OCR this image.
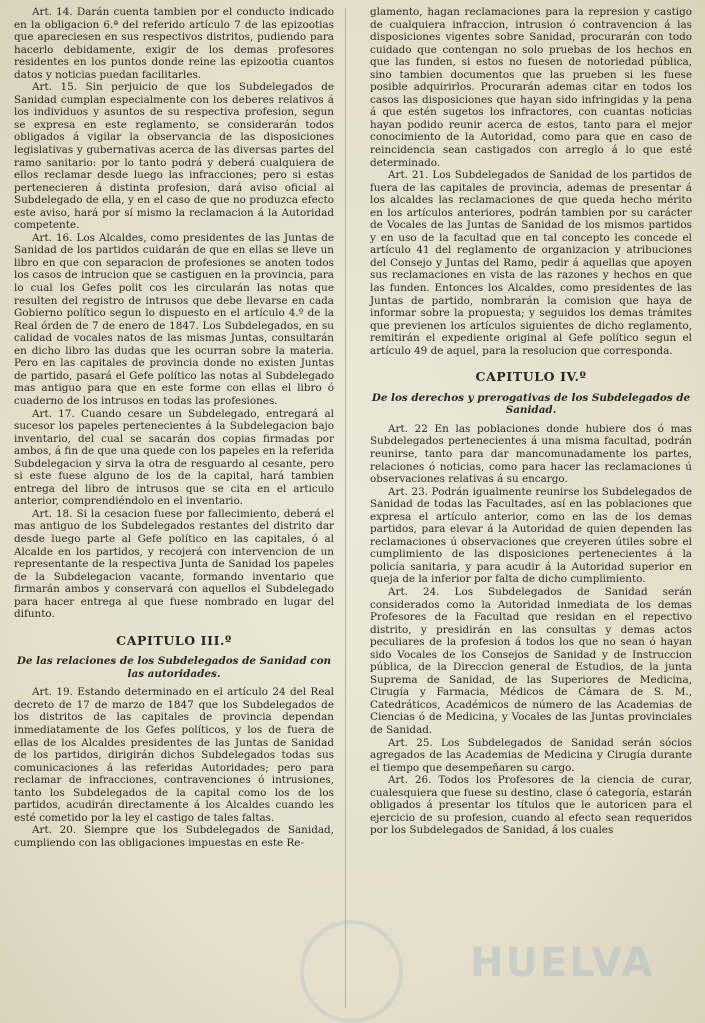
Art. 14. Darán cuenta tambien por el conducto indicado en la obligacion 6.ª del referido artículo 7 de las epizootias que apareciesen en sus respectivos distritos, pudiendo para hacerlo debidamente, exigir de los demas profesores residentes en los puntos donde reine las epizootia cuantos datos y noticias puedan facilitarles.

Art. 15. Sin perjuicio de que los Subdelegados de Sanidad cumplan especialmente con los deberes relativos á los individuos y asuntos de su respectiva profesion, segun se expresa en este reglamento, se considerarán todos obligados á vigilar la observancia de las disposiciones legislativas y gubernativas acerca de las diversas partes del ramo sanitario: por lo tanto podrá y deberá cualquiera de ellos reclamar desde luego las infracciones; pero si estas pertenecieren á distinta profesion, dará aviso oficial al Subdelegado de ella, y en el caso de que no produzca efecto este aviso, hará por sí mismo la reclamacion á la Autoridad competente.

Art. 16. Los Alcaldes, como presidentes de las Juntas de Sanidad de los partidos cuidarán de que en ellas se lleve un libro en que con separacion de profesiones se anoten todos los casos de intrucion que se castiguen en la provincia, para lo cual los Gefes polit cos les circularán las notas que resulten del registro de intrusos que debe llevarse en cada Gobierno político segun lo dispuesto en el artículo 4.º de la Real órden de 7 de enero de 1847. Los Subdelegados, en su calidad de vocales natos de las mismas Juntas, consultarán en dicho libro las dudas que les ocurran sobre la materia. Pero en las capitales de provincia donde no existen Juntas de partido, pasará el Gefe político las notas al Subdelegado mas antiguo para que en este forme con ellas el libro ó cuaderno de los intrusos en todas las profesiones.

Art. 17. Cuando cesare un Subdelegado, entregará al sucesor los papeles pertenecientes á la Subdelegacion bajo inventario, del cual se sacarán dos copias firmadas por ambos, á fin de que una quede con los papeles en la referida Subdelegacion y sirva la otra de resguardo al cesante, pero si este fuese alguno de los de la capital, hará tambien entrega del libro de intrusos que se cita en el articulo anterior, comprendiéndolo en el inventario.

Art. 18. Si la cesacion fuese por fallecimiento, deberá el mas antiguo de los Subdelegados restantes del distrito dar desde luego parte al Gefe político en las capitales, ó al Alcalde en los partidos, y recojerá con intervencion de un representante de la respectiva Junta de Sanidad los papeles de la Subdelegacion vacante, formando inventario que firmarán ambos y conservará con aquellos el Subdelegado para hacer entrega al que fuese nombrado en lugar del difunto.

CAPITULO III.º
De las relaciones de los Subdelegados de Sanidad con las autoridades.

Art. 19. Estando determinado en el artículo 24 del Real decreto de 17 de marzo de 1847 que los Subdelegados de los distritos de las capitales de provincia dependan inmediatamente de los Gefes políticos, y los de fuera de ellas de los Alcaldes presidentes de las Juntas de Sanidad de los partidos, dirigirán dichos Subdelegados todas sus comunicaciones á las referidas Autoridades; pero para reclamar de infracciones, contravenciones ó intrusiones, tanto los Subdelegados de la capital como los de los partidos, acudirán directamente á los Alcaldes cuando les esté cometido por la ley el castigo de tales faltas.

Art. 20. Siempre que los Subdelegados de Sanidad, cumpliendo con las obligaciones impuestas en este Re-

glamento, hagan reclamaciones para la represion y castigo de cualquiera infraccion, intrusion ó contravencion á las disposiciones vigentes sobre Sanidad, procurarán con todo cuidado que contengan no solo pruebas de los hechos en que las funden, si estos no fuesen de notoriedad pública, sino tambien documentos que las prueben si les fuese posible adquirirlos. Procurarán ademas citar en todos los casos las disposiciones que hayan sido infringidas y la pena á que estén sugetos los infractores, con cuantas noticias hayan podido reunir acerca de estos, tanto para el mejor conocimiento de la Autoridad, como para que en caso de reincidencia sean castigados con arreglo á lo que esté determinado.

Art. 21. Los Subdelegados de Sanidad de los partidos de fuera de las capitales de provincia, ademas de presentar á los alcaldes las reclamaciones de que queda hecho mérito en los artículos anteriores, podrán tambien por su carácter de Vocales de las Juntas de Sanidad de los mismos partidos y en uso de la facultad que en tal concepto les concede el artículo 41 del reglamento de organizacion y atribuciones del Consejo y Juntas del Ramo, pedir á aquellas que apoyen sus reclamaciones en vista de las razones y hechos en que las funden. Entonces los Alcaldes, como presidentes de las Juntas de partido, nombrarán la comision que haya de informar sobre la propuesta; y seguidos los demas trámites que previenen los artículos siguientes de dicho reglamento, remitirán el expediente original al Gefe político segun el artículo 49 de aquel, para la resolucion que corresponda.

CAPITULO IV.º
De los derechos y prerogativas de los Subdelegados de Sanidad.

Art. 22 En las poblaciones donde hubiere dos ó mas Subdelegados pertenecientes á una misma facultad, podrán reunirse, tanto para dar mancomunadamente los partes, relaciones ó noticias, como para hacer las reclamaciones ú observaciones relativas á su encargo.

Art. 23. Podrán igualmente reunirse los Subdelegados de Sanidad de todas las Facultades, así en las poblaciones que expresa el artículo anterior, como en las de los demas partidos, para elevar á la Autoridad de quien dependen las reclamaciones ú observaciones que creyeren útiles sobre el cumplimiento de las disposiciones pertenecientes á la policía sanitaria, y para acudir á la Autoridad superior en queja de la inferior por falta de dicho cumplimiento.

Art. 24. Los Subdelegados de Sanidad serán considerados como la Autoridad inmediata de los demas Profesores de la Facultad que residan en el repectivo distrito, y presidirán en las consultas y demas actos peculiares de la profesion á todos los que no sean ó hayan sido Vocales de los Consejos de Sanidad y de Instruccion pública, de la Direccion general de Estudios, de la junta Suprema de Sanidad, de las Superiores de Medicina, Cirugía y Farmacia, Médicos de Cámara de S. M., Catedráticos, Académicos de número de las Academias de Ciencias ó de Medicina, y Vocales de las Juntas provinciales de Sanidad.

Art. 25. Los Subdelegados de Sanidad serán sócios agregados de las Academias de Medicina y Cirugía durante el tiempo que desempeñaren su cargo.

Art. 26. Todos los Profesores de la ciencia de curar, cualesquiera que fuese su destino, clase ó categoría, estarán obligados á presentar los títulos que le autoricen para el ejercicio de su profesion, cuando al efecto sean requeridos por los Subdelegados de Sanidad, á los cuales

HUELVA
